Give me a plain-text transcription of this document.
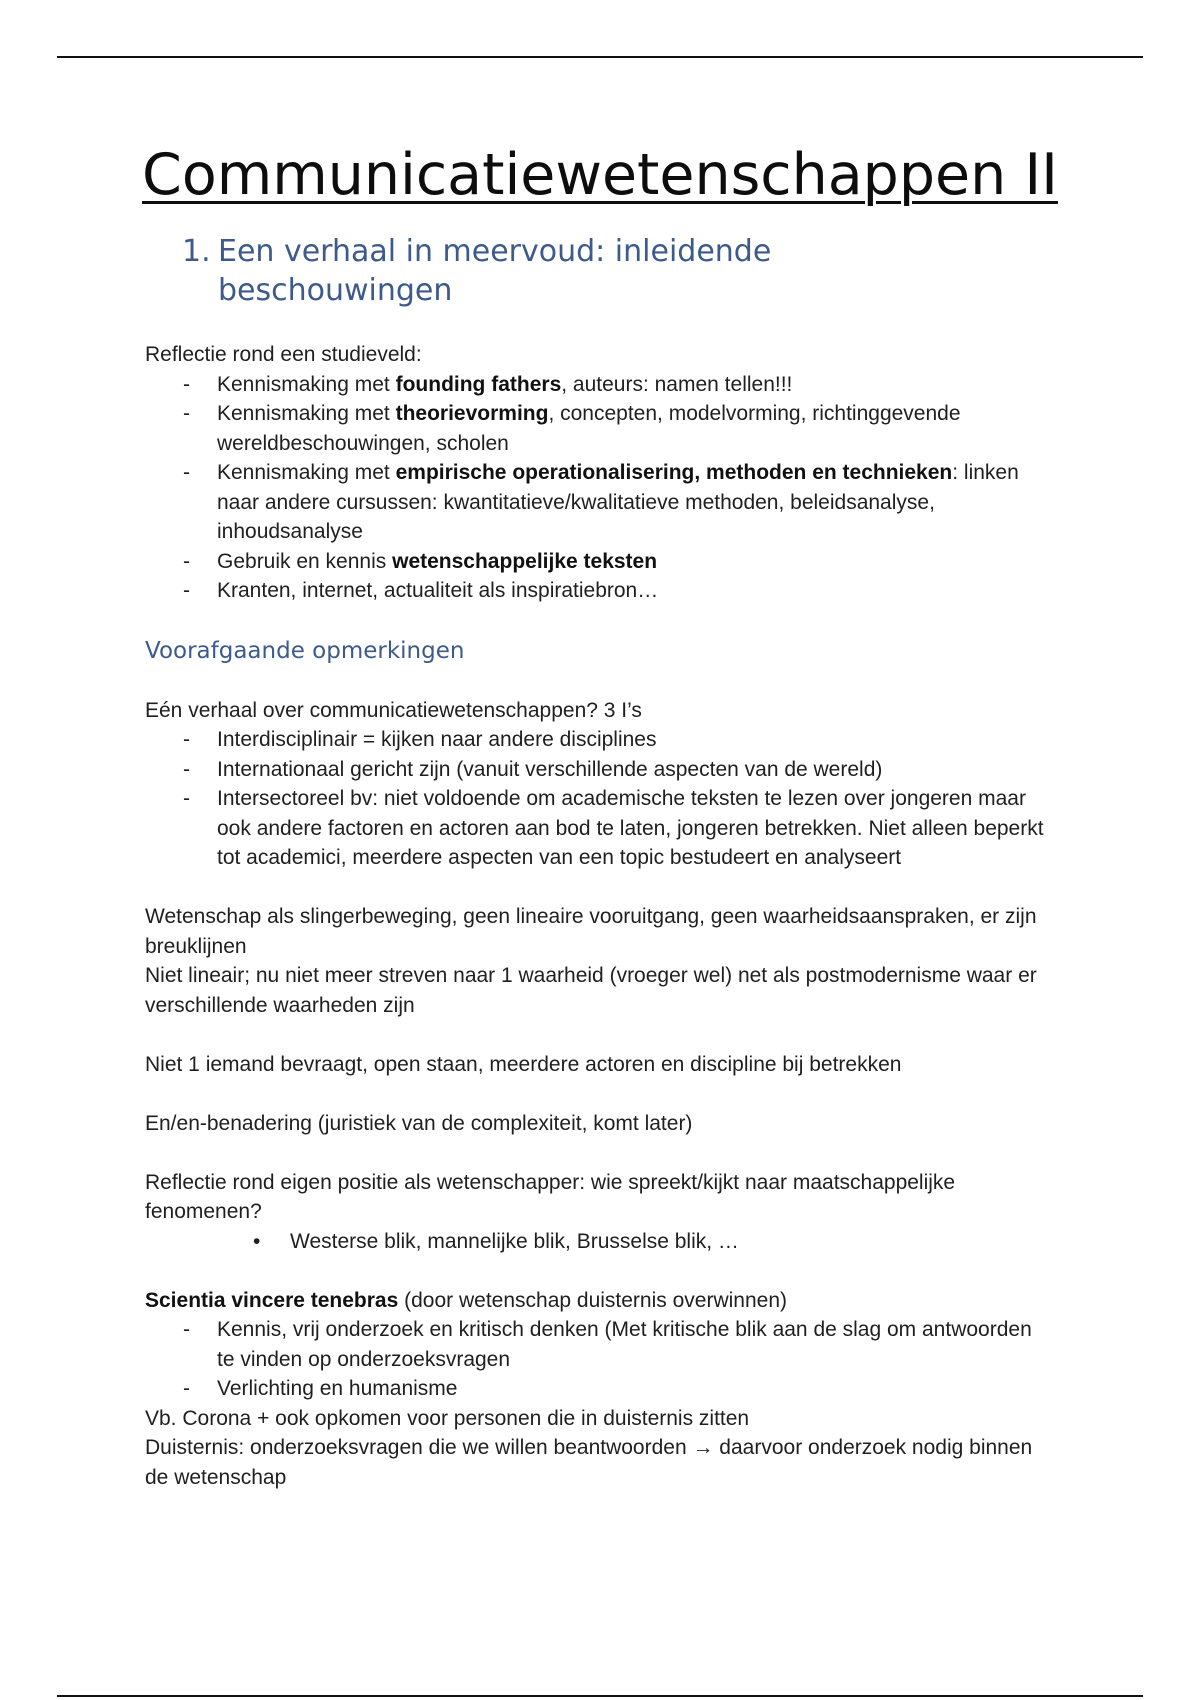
Communicatiewetenschappen II
1. Een verhaal in meervoud: inleidende beschouwingen

Reflectie rond een studieveld:

- Kennismaking met founding fathers, auteurs: namen tellen!!!
- Kennismaking met theorievorming, concepten, modelvorming, richtinggevende wereldbeschouwingen, scholen
- Kennismaking met empirische operationalisering, methoden en technieken: linken naar andere cursussen: kwantitatieve/kwalitatieve methoden, beleidsanalyse, inhoudsanalyse
- Gebruik en kennis wetenschappelijke teksten
- Kranten, internet, actualiteit als inspiratiebron…
Voorafgaande opmerkingen

Eén verhaal over communicatiewetenschappen? 3 I’s

- Interdisciplinair = kijken naar andere disciplines
- Internationaal gericht zijn (vanuit verschillende aspecten van de wereld)
- Intersectoreel bv: niet voldoende om academische teksten te lezen over jongeren maar ook andere factoren en actoren aan bod te laten, jongeren betrekken. Niet alleen beperkt tot academici, meerdere aspecten van een topic bestudeert en analyseert

Wetenschap als slingerbeweging, geen lineaire vooruitgang, geen waarheidsaanspraken, er zijn breuklijnen

Niet lineair; nu niet meer streven naar 1 waarheid (vroeger wel) net als postmodernisme waar er verschillende waarheden zijn

Niet 1 iemand bevraagt, open staan, meerdere actoren en discipline bij betrekken

En/en-benadering (juristiek van de complexiteit, komt later)

Reflectie rond eigen positie als wetenschapper: wie spreekt/kijkt naar maatschappelijke fenomenen?

• Westerse blik, mannelijke blik, Brusselse blik, …

Scientia vincere tenebras (door wetenschap duisternis overwinnen)

- Kennis, vrij onderzoek en kritisch denken (Met kritische blik aan de slag om antwoorden te vinden op onderzoeksvragen
- Verlichting en humanisme

Vb. Corona + ook opkomen voor personen die in duisternis zitten

Duisternis: onderzoeksvragen die we willen beantwoorden → daarvoor onderzoek nodig binnen de wetenschap
